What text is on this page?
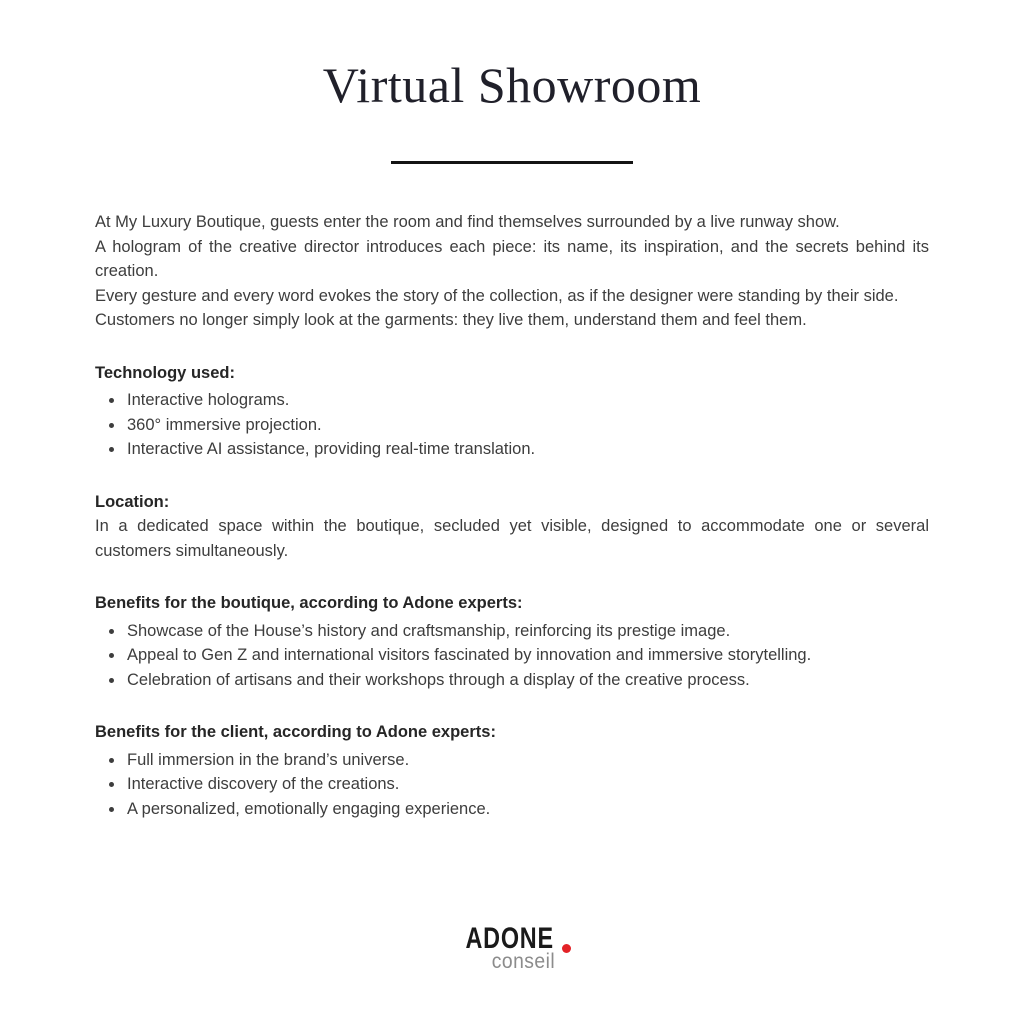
Virtual Showroom

At My Luxury Boutique, guests enter the room and find themselves surrounded by a live runway show.

A hologram of the creative director introduces each piece: its name, its inspiration, and the secrets behind its creation.

Every gesture and every word evokes the story of the collection, as if the designer were standing by their side.

Customers no longer simply look at the garments: they live them, understand them and feel them.

Technology used:

• Interactive holograms.
• 360° immersive projection.
• Interactive AI assistance, providing real-time translation.

Location:

In a dedicated space within the boutique, secluded yet visible, designed to accommodate one or several customers simultaneously.

Benefits for the boutique, according to Adone experts:

• Showcase of the House’s history and craftsmanship, reinforcing its prestige image.
• Appeal to Gen Z and international visitors fascinated by innovation and immersive storytelling.
• Celebration of artisans and their workshops through a display of the creative process.

Benefits for the client, according to Adone experts:

• Full immersion in the brand’s universe.
• Interactive discovery of the creations.
• A personalized, emotionally engaging experience.
ADONE
conseil
